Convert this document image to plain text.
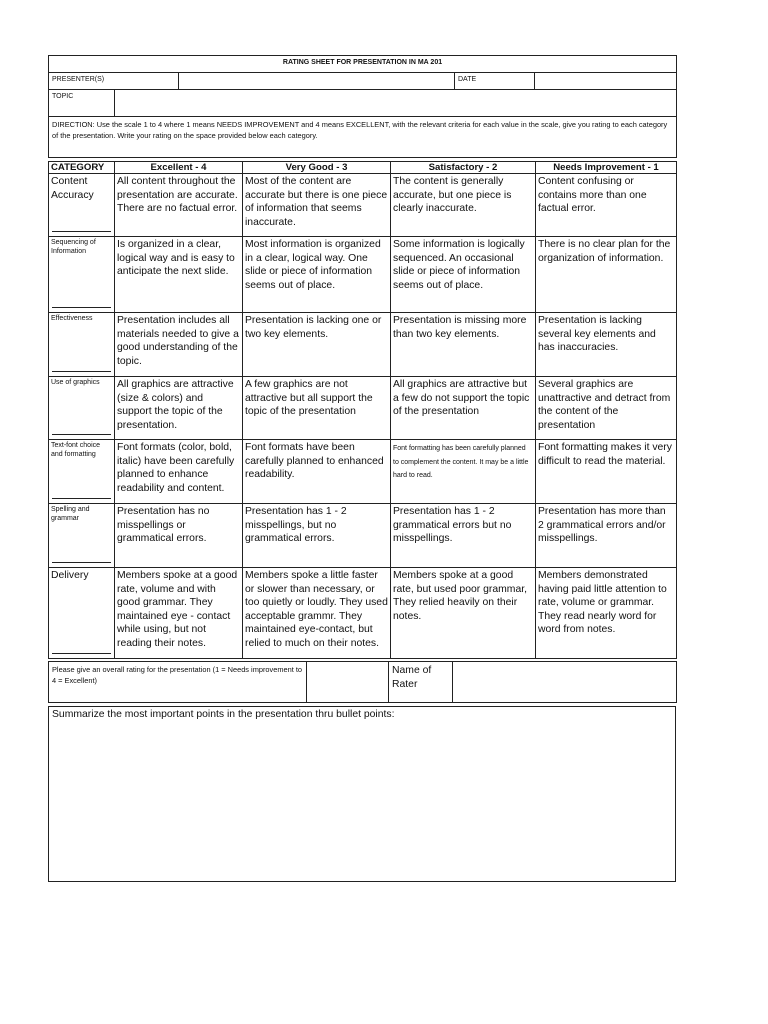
RATING SHEET FOR PRESENTATION IN MA 201				
PRESENTER(S)			DATE	
TOPIC				
DIRECTION: Use the scale 1 to 4 where 1 means NEEDS IMPROVEMENT and 4 means EXCELLENT, with the relevant criteria for each value in the scale, give you rating to each category of the presentation. Write your rating on the space provided below each category.				
CATEGORY	Excellent - 4	Very Good - 3	Satisfactory - 2	Needs Improvement - 1

Content Accuracy	All content throughout the presentation are accurate. There are no factual error.	Most of the content are accurate but there is one piece of information that seems inaccurate.	The content is generally accurate, but one piece is clearly inaccurate.	Content confusing or contains more than one factual error.

Sequencing of Information	Is organized in a clear, logical way and is easy to anticipate the next slide.	Most information is organized in a clear, logical way. One slide or piece of information seems out of place.	Some information is logically sequenced. An occasional slide or piece of information seems out of place.	There is no clear plan for the organization of information.

Effectiveness	Presentation includes all materials needed to give a good understanding of the topic.	Presentation is lacking one or two key elements.	Presentation is missing more than two key elements.	Presentation is lacking several key elements and has inaccuracies.

Use of graphics	All graphics are attractive (size & colors) and support the topic of the presentation.	A few graphics are not attractive but all support the topic of the presentation	All graphics are attractive but a few do not support the topic of the presentation	Several graphics are unattractive and detract from the content of the presentation

Text-font choice and formatting	Font formats (color, bold, italic) have been carefully planned to enhance readability and content.	Font formats have been carefully planned to enhanced readability.	Font formatting has been carefully planned to complement the content. It may be a little hard to read.	Font formatting makes it very difficult to read the material.

Spelling and grammar	Presentation has no misspellings or grammatical errors.	Presentation has 1 - 2 misspellings, but no grammatical errors.	Presentation has 1 - 2 grammatical errors but no misspellings.	Presentation has more than 2 grammatical errors and/or misspellings.

Delivery	Members spoke at a good rate, volume and with good grammar. They maintained eye - contact while using, but not reading their notes.	Members spoke a little faster or slower than necessary, or too quietly or loudly. They used acceptable grammr. They maintained eye-contact, but relied to much on their notes.	Members spoke at a good rate, but used poor grammar, They relied heavily on their notes.	Members demonstrated having paid little attention to rate, volume or grammar. They read nearly word for word from notes.
Please give an overall rating for the presentation (1 = Needs improvement to 4 = Excellent)		Name of Rater	
Summarize the most important points in the presentation thru bullet points:
